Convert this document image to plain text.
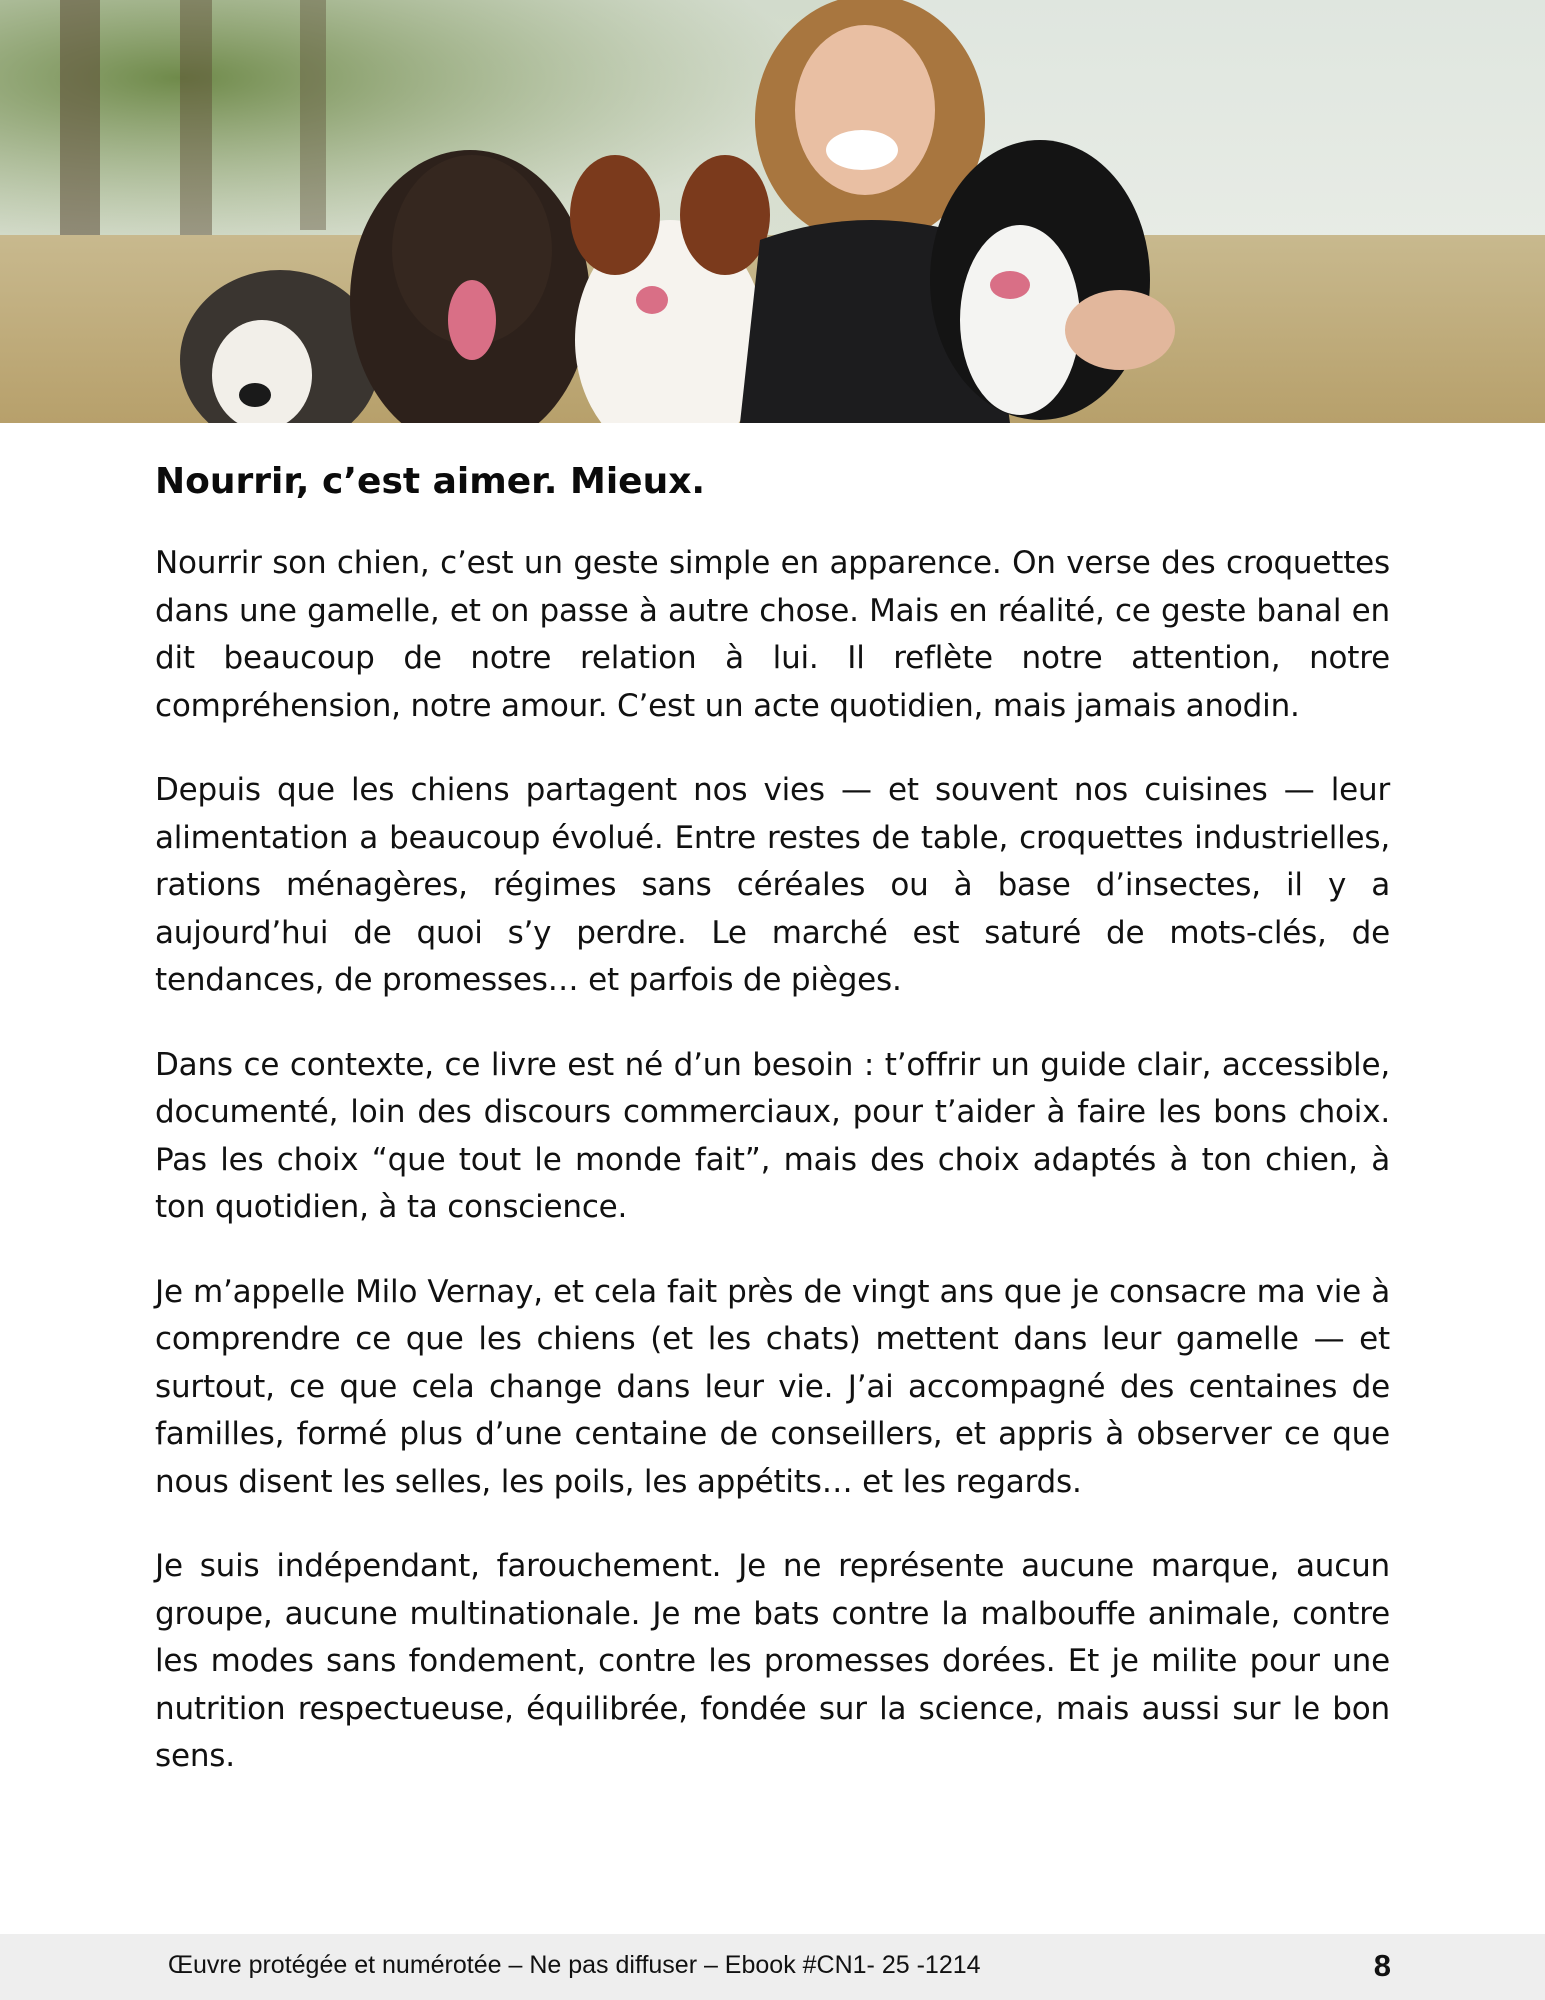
Nourrir, c’est aimer. Mieux.

Nourrir son chien, c’est un geste simple en apparence. On verse des croquettes dans une gamelle, et on passe à autre chose. Mais en réalité, ce geste banal en dit beaucoup de notre relation à lui. Il reflète notre attention, notre compréhension, notre amour. C’est un acte quotidien, mais jamais anodin.

Depuis que les chiens partagent nos vies — et souvent nos cuisines — leur alimentation a beaucoup évolué. Entre restes de table, croquettes industrielles, rations ménagères, régimes sans céréales ou à base d’insectes, il y a aujourd’hui de quoi s’y perdre. Le marché est saturé de mots-clés, de tendances, de promesses… et parfois de pièges.

Dans ce contexte, ce livre est né d’un besoin : t’offrir un guide clair, accessible, documenté, loin des discours commerciaux, pour t’aider à faire les bons choix. Pas les choix “que tout le monde fait”, mais des choix adaptés à ton chien, à ton quotidien, à ta conscience.

Je m’appelle Milo Vernay, et cela fait près de vingt ans que je consacre ma vie à comprendre ce que les chiens (et les chats) mettent dans leur gamelle — et surtout, ce que cela change dans leur vie. J’ai accompagné des centaines de familles, formé plus d’une centaine de conseillers, et appris à observer ce que nous disent les selles, les poils, les appétits… et les regards.

Je suis indépendant, farouchement. Je ne représente aucune marque, aucun groupe, aucune multinationale. Je me bats contre la malbouffe animale, contre les modes sans fondement, contre les promesses dorées. Et je milite pour une nutrition respectueuse, équilibrée, fondée sur la science, mais aussi sur le bon sens.

Œuvre protégée et numérotée – Ne pas diffuser – Ebook #CN1- 25 -1214	8
